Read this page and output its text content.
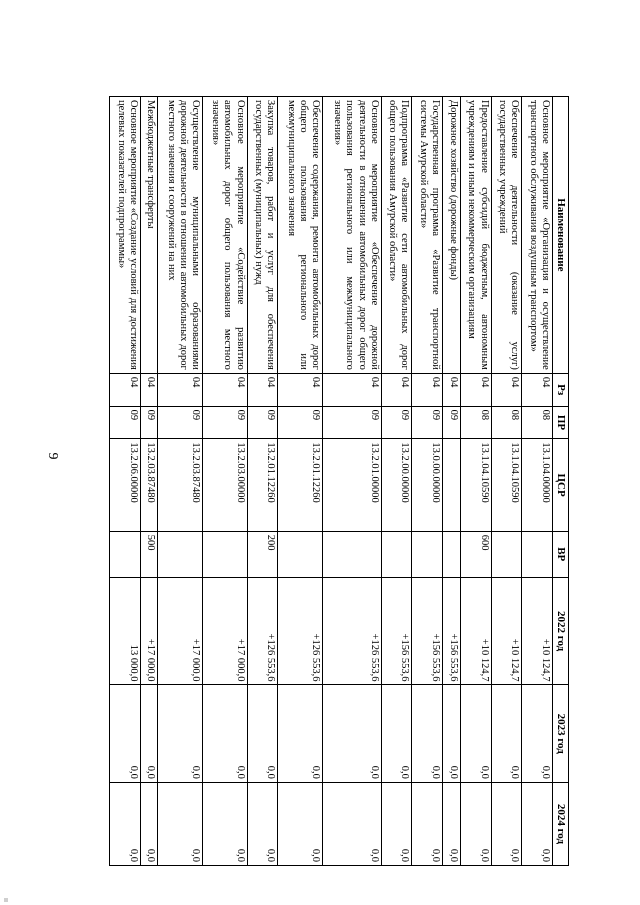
9
Наименование	Рз	ПР	ЦСР	ВР	2022 год	2023 год	2024 год
Основное мероприятие «Организация и осуществление транспортного обслуживания воздушным транспортом»	04	08	13.1.04.00000		+10 124,7	0,0	0,0
Обеспечение деятельности (оказание услуг) государственных учреждений	04	08	13.1.04.10590		+10 124,7	0,0	0,0
Предоставление субсидий бюджетным, автономным учреждениям и иным некоммерческим организациям	04	08	13.1.04.10590	600	+10 124,7	0,0	0,0
Дорожное хозяйство (дорожные фонды)	04	09			+156 553,6	0,0	0,0
Государственная программа «Развитие транспортной системы Амурской области»	04	09	13.0.00.00000		+156 553,6	0,0	0,0
Подпрограмма «Развитие сети автомобильных дорог общего пользования Амурской области»	04	09	13.2.00.00000		+156 553,6	0,0	0,0
Основное мероприятие «Обеспечение дорожной деятельности в отношении автомобильных дорог общего пользования регионального или межмуниципального значения»	04	09	13.2.01.00000		+126 553,6	0,0	0,0
Обеспечение содержания, ремонта автомобильных дорог общего пользования регионального или межмуниципального значения	04	09	13.2.01.12260		+126 553,6	0,0	0,0
Закупка товаров, работ и услуг для обеспечения государственных (муниципальных) нужд	04	09	13.2.01.12260	200	+126 553,6	0,0	0,0
Основное мероприятие «Содействие развитию автомобильных дорог общего пользования местного значения»	04	09	13.2.03.00000		+17 000,0	0,0	0,0
Осуществление муниципальными образованиями дорожной деятельности в отношении автомобильных дорог местного значения и сооружений на них	04	09	13.2.03.87480		+17 000,0	0,0	0,0
Межбюджетные трансферты	04	09	13.2.03.87480	500	+17 000,0	0,0	0,0
Основное мероприятие «Создание условий для достижения целевых показателей подпрограммы»	04	09	13.2.06.00000		13 000,0	0,0	0,0
